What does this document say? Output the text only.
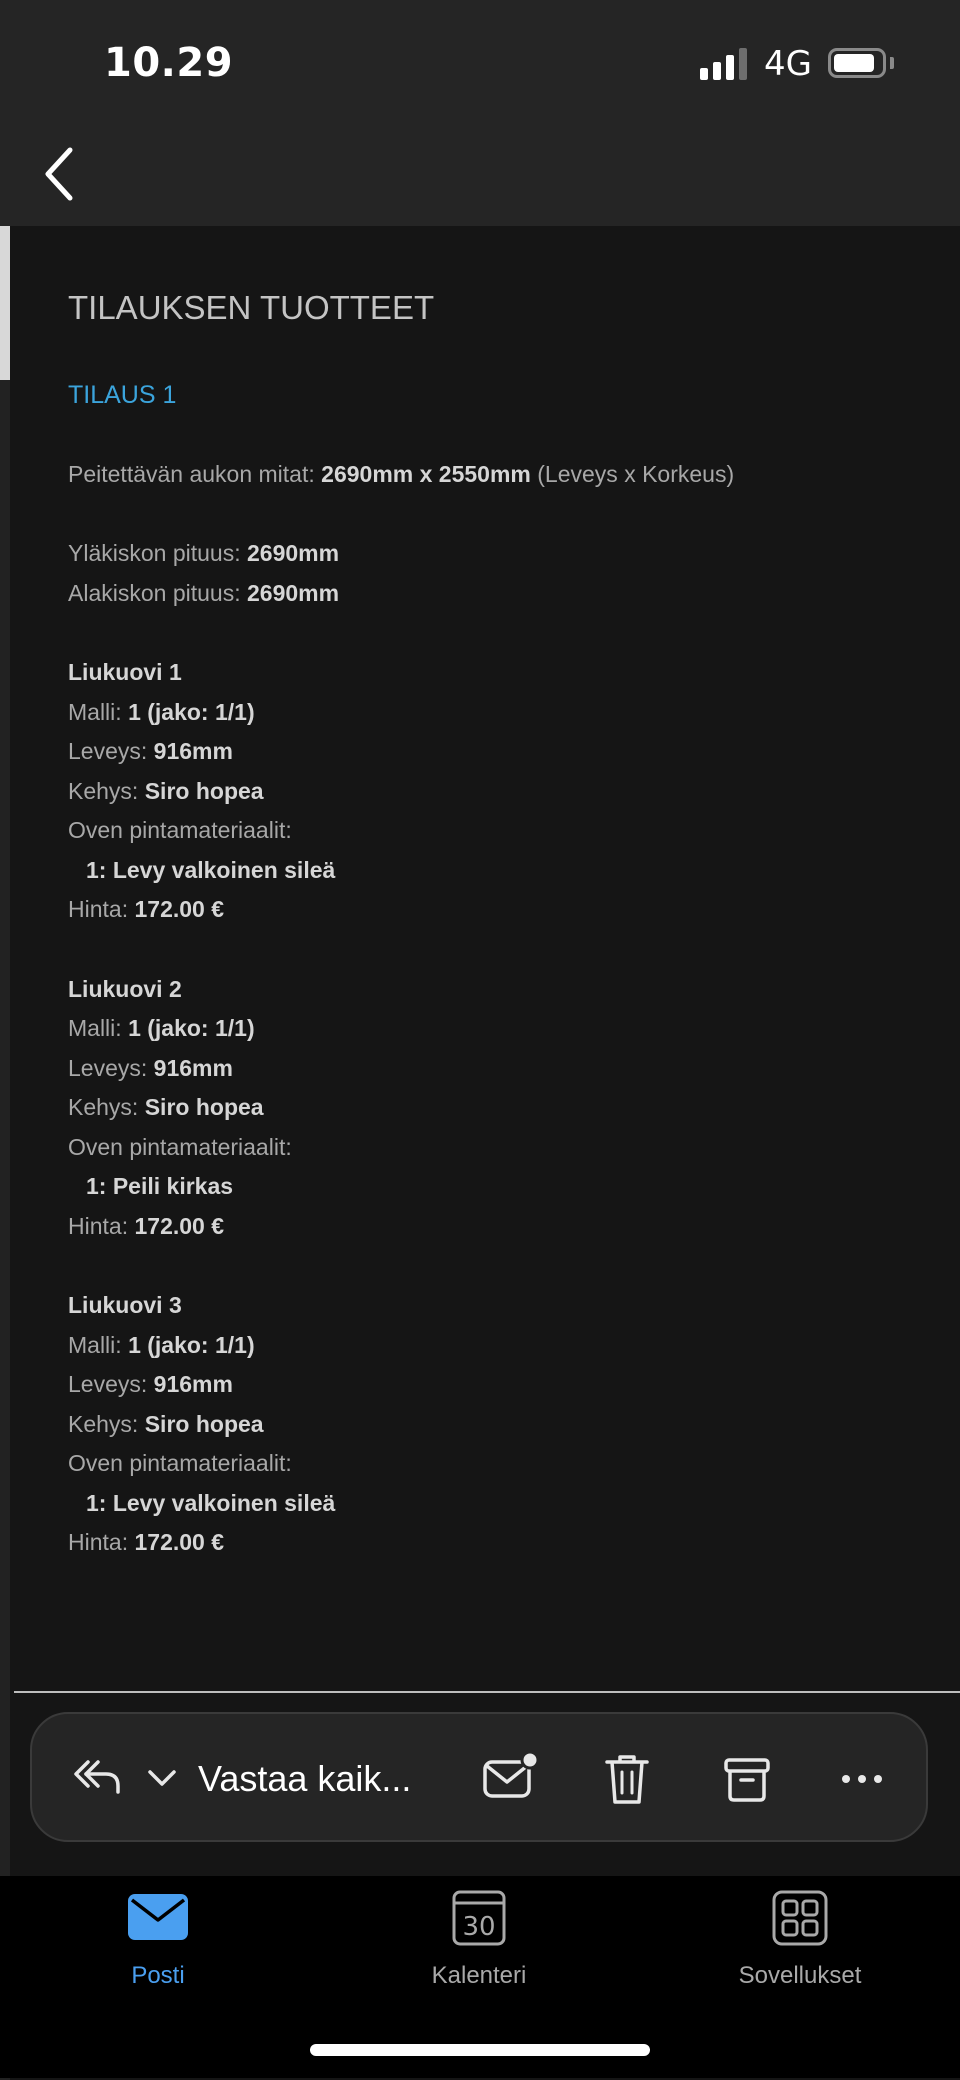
10.29	4G
TILAUKSEN TUOTTEET
TILAUS 1
Peitettävän aukon mitat: 2690mm x 2550mm (Leveys x Korkeus)
Yläkiskon pituus: 2690mm
Alakiskon pituus: 2690mm
Liukuovi 1
Malli: 1 (jako: 1/1)
Leveys: 916mm
Kehys: Siro hopea
Oven pintamateriaalit:
1: Levy valkoinen sileä
Hinta: 172.00 €
Liukuovi 2
Malli: 1 (jako: 1/1)
Leveys: 916mm
Kehys: Siro hopea
Oven pintamateriaalit:
1: Peili kirkas
Hinta: 172.00 €
Liukuovi 3
Malli: 1 (jako: 1/1)
Leveys: 916mm
Kehys: Siro hopea
Oven pintamateriaalit:
1: Levy valkoinen sileä
Hinta: 172.00 €
Vastaa kaik...
Posti
30
Kalenteri	Sovellukset
